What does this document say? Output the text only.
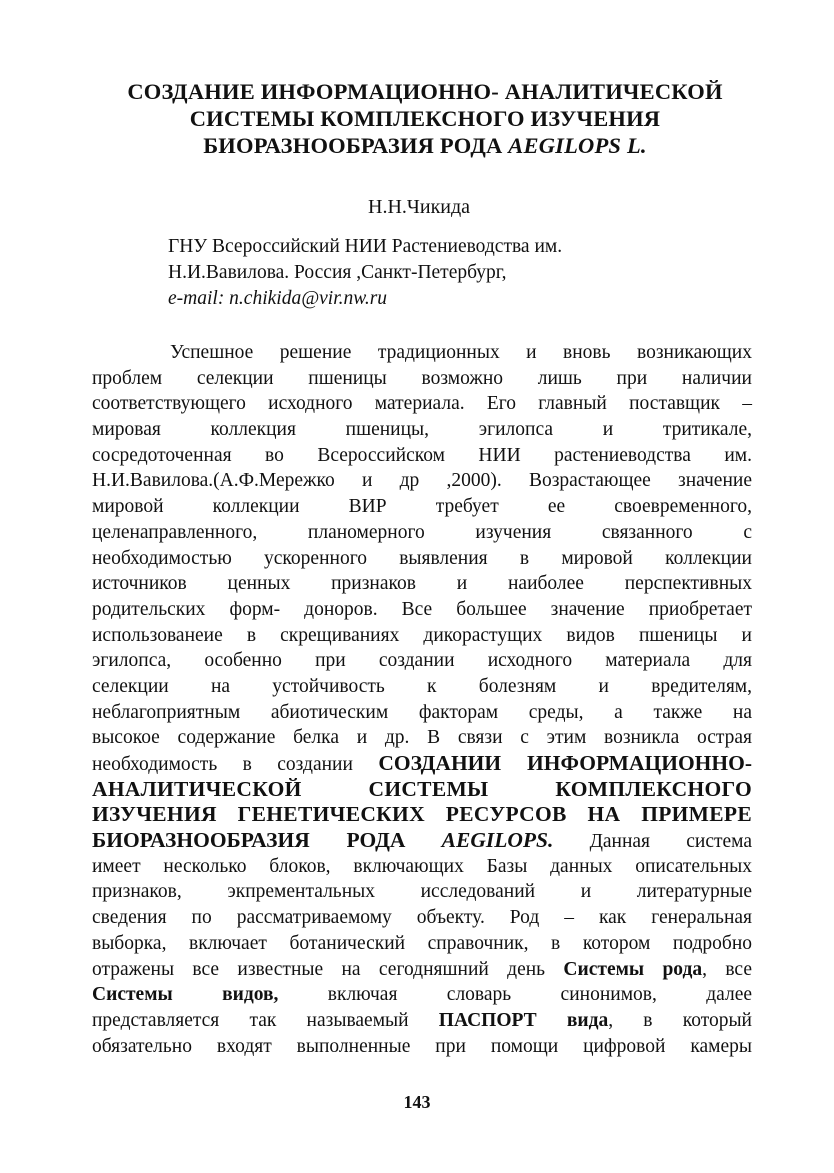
СОЗДАНИЕ ИНФОРМАЦИОННО- АНАЛИТИЧЕСКОЙ
СИСТЕМЫ КОМПЛЕКСНОГО ИЗУЧЕНИЯ
БИОРАЗНООБРАЗИЯ РОДА AEGILOPS L.
Н.Н.Чикида
ГНУ Всероссийский НИИ Растениеводства им.
Н.И.Вавилова. Россия ,Санкт-Петербург,
e-mail: n.chikida@vir.nw.ru
Успешное решение традиционных и вновь возникающих
проблем селекции пшеницы возможно лишь при наличии
соответствующего исходного материала. Его главный поставщик –
мировая коллекция пшеницы, эгилопса и тритикале,
сосредоточенная во Всероссийском НИИ растениеводства им.
Н.И.Вавилова.(А.Ф.Мережко и др ,2000). Возрастающее значение
мировой коллекции ВИР требует ее своевременного,
целенаправленного, планомерного изучения связанного с
необходимостью ускоренного выявления в мировой коллекции
источников ценных признаков и наиболее перспективных
родительских форм- доноров. Все большее значение приобретает
использованеие в скрещиваниях дикорастущих видов пшеницы и
эгилопса, особенно при создании исходного материала для
селекции на устойчивость к болезням и вредителям,
неблагоприятным абиотическим факторам среды, а также на
высокое содержание белка и др. В связи с этим возникла острая
необходимость в создании СОЗДАНИИ ИНФОРМАЦИОННО-
АНАЛИТИЧЕСКОЙ СИСТЕМЫ КОМПЛЕКСНОГО
ИЗУЧЕНИЯ ГЕНЕТИЧЕСКИХ РЕСУРСОВ НА ПРИМЕРЕ
БИОРАЗНООБРАЗИЯ РОДА AEGILOPS. Данная система
имеет несколько блоков, включающих Базы данных описательных
признаков, экпрементальных исследований и литературные
сведения по рассматриваемому объекту. Род – как генеральная
выборка, включает ботанический справочник, в котором подробно
отражены все известные на сегодняшний день Системы рода, все
Системы видов,	включая словарь синонимов, далее
представляется так называемый ПАСПОРТ вида, в который
обязательно входят выполненные при помощи цифровой камеры
143
